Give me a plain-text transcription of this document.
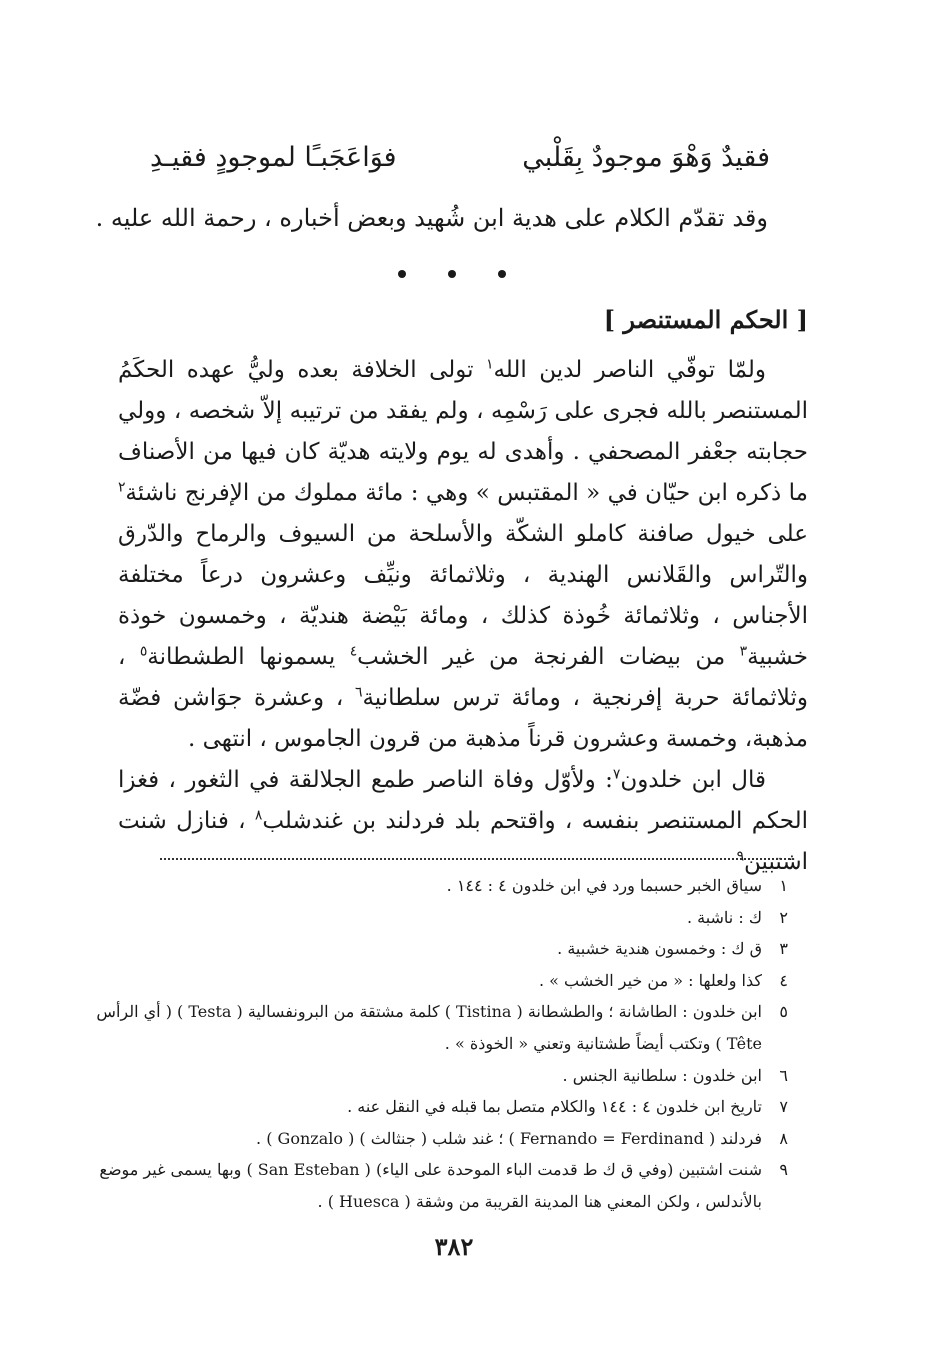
فقيدٌ وَهْوَ موجودٌ بِقَلْبي
فوَاعَجَبـًا لموجودٍ فقيـدِ
وقد تقدّم الكلام على هدية ابن شُهيد وبعض أخباره ، رحمة الله عليه .
[ الحكم المستنصر ]

ولمّا توفّي الناصر لدين الله$^١$ تولى الخلافة بعده وليُّ عهده الحكَمُ المستنصر بالله فجرى على رَسْمِه ، ولم يفقد من ترتيبه إلاّ شخصه ، وولي حجابته جعْفر المصحفي . وأهدى له يوم ولايته هديّة كان فيها من الأصناف ما ذكره ابن حيّان في « المقتبس » وهي : مائة مملوك من الإفرنج ناشئة$^٢$ على خيول صافنة كاملو الشكّة والأسلحة من السيوف والرماح والدّرق والتّراس والقَلانس الهندية ، وثلاثمائة ونيِّف وعشرون درعاً مختلفة الأجناس ، وثلاثمائة خُوذة كذلك ، ومائة بَيْضة هنديّة ، وخمسون خوذة خشبية$^٣$ من بيضات الفرنجة من غير الخشب$^٤$ يسمونها الطشطانة$^٥$ ، وثلاثمائة حربة إفرنجية ، ومائة ترس سلطانية$^٦$ ، وعشرة جوَاشن فضّة مذهبة، وخمسة وعشرون قرناً مذهبة من قرون الجاموس ، انتهى .

قال ابن خلدون$^٧$: ولأوّل وفاة الناصر طمع الجلالقة في الثغور ، فغزا الحكم المستنصر بنفسه ، واقتحم بلد فردلند بن غندشلب$^٨$ ، فنازل شنت اشتبين$^٩$

١
سياق الخبر حسبما ورد في ابن خلدون ٤ : ١٤٤ .
٢
ك : ناشبة .
٣
ق ك : وخمسون هندية خشبية .
٤
كذا ولعلها : « من خير الخشب » .
٥
ابن خلدون : الطاشانة ؛ والطشطانة ( Tistina ) كلمة مشتقة من البرونفسالية ( Testa ) ( أي الرأس Tête ) وتكتب أيضاً طشتانية وتعني « الخوذة » .
٦
ابن خلدون : سلطانية الجنس .
٧
تاريخ ابن خلدون ٤ : ١٤٤ والكلام متصل بما قبله في النقل عنه .
٨
فردلند ( Fernando = Ferdinand ) ؛ غند شلب ( جنثالث ) ( Gonzalo ) .
٩
شنت اشتبين (وفي ق ك ط قدمت الباء الموحدة على الياء) ( San Esteban ) وبها يسمى غير موضع بالأندلس ، ولكن المعني هنا المدينة القريبة من وشقة ( Huesca ) .
٣٨٢
